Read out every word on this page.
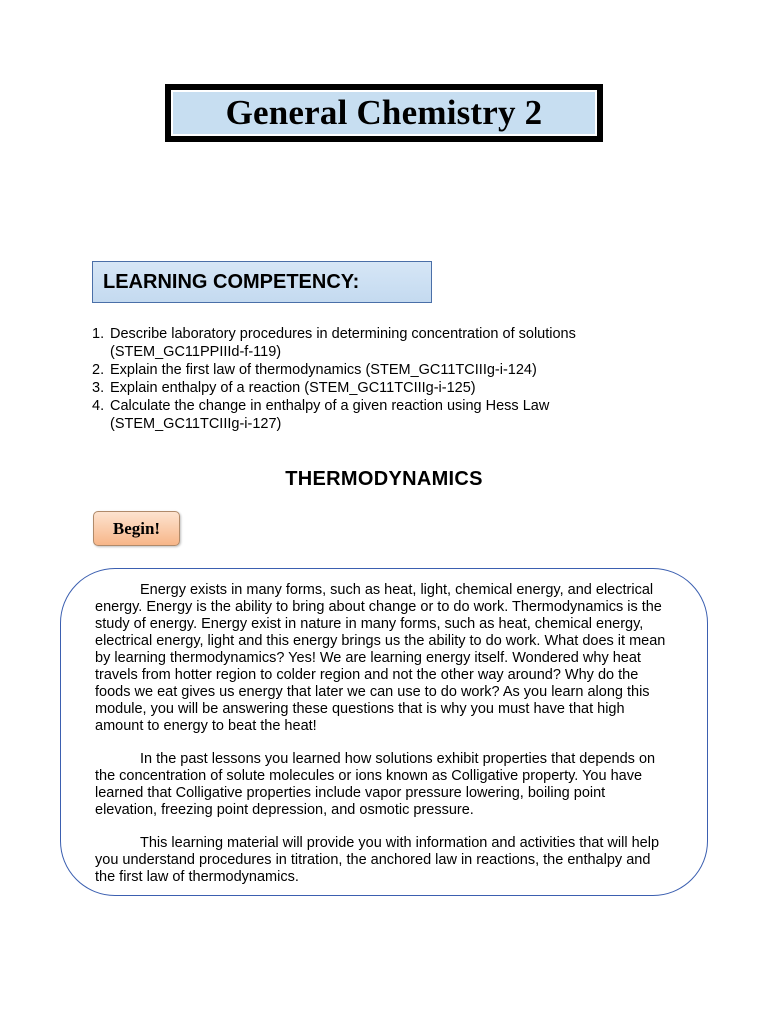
General Chemistry 2
LEARNING COMPETENCY:
1. Describe laboratory procedures in determining concentration of solutions
(STEM_GC11PPIIId-f-119)
2. Explain the first law of thermodynamics (STEM_GC11TCIIIg-i-124)
3. Explain enthalpy of a reaction (STEM_GC11TCIIIg-i-125)
4. Calculate the change in enthalpy of a given reaction using Hess Law
(STEM_GC11TCIIIg-i-127)
THERMODYNAMICS
Begin!

Energy exists in many forms, such as heat, light, chemical energy, and electrical energy. Energy is the ability to bring about change or to do work. Thermodynamics is the study of energy. Energy exist in nature in many forms, such as heat, chemical energy, electrical energy, light and this energy brings us the ability to do work. What does it mean by learning thermodynamics? Yes! We are learning energy itself. Wondered why heat travels from hotter region to colder region and not the other way around? Why do the foods we eat gives us energy that later we can use to do work? As you learn along this module, you will be answering these questions that is why you must have that high amount to energy to beat the heat!

In the past lessons you learned how solutions exhibit properties that depends on the concentration of solute molecules or ions known as Colligative property. You have learned that Colligative properties include vapor pressure lowering, boiling point elevation, freezing point depression, and osmotic pressure.

This learning material will provide you with information and activities that will help you understand procedures in titration, the anchored law in reactions, the enthalpy and the first law of thermodynamics.
